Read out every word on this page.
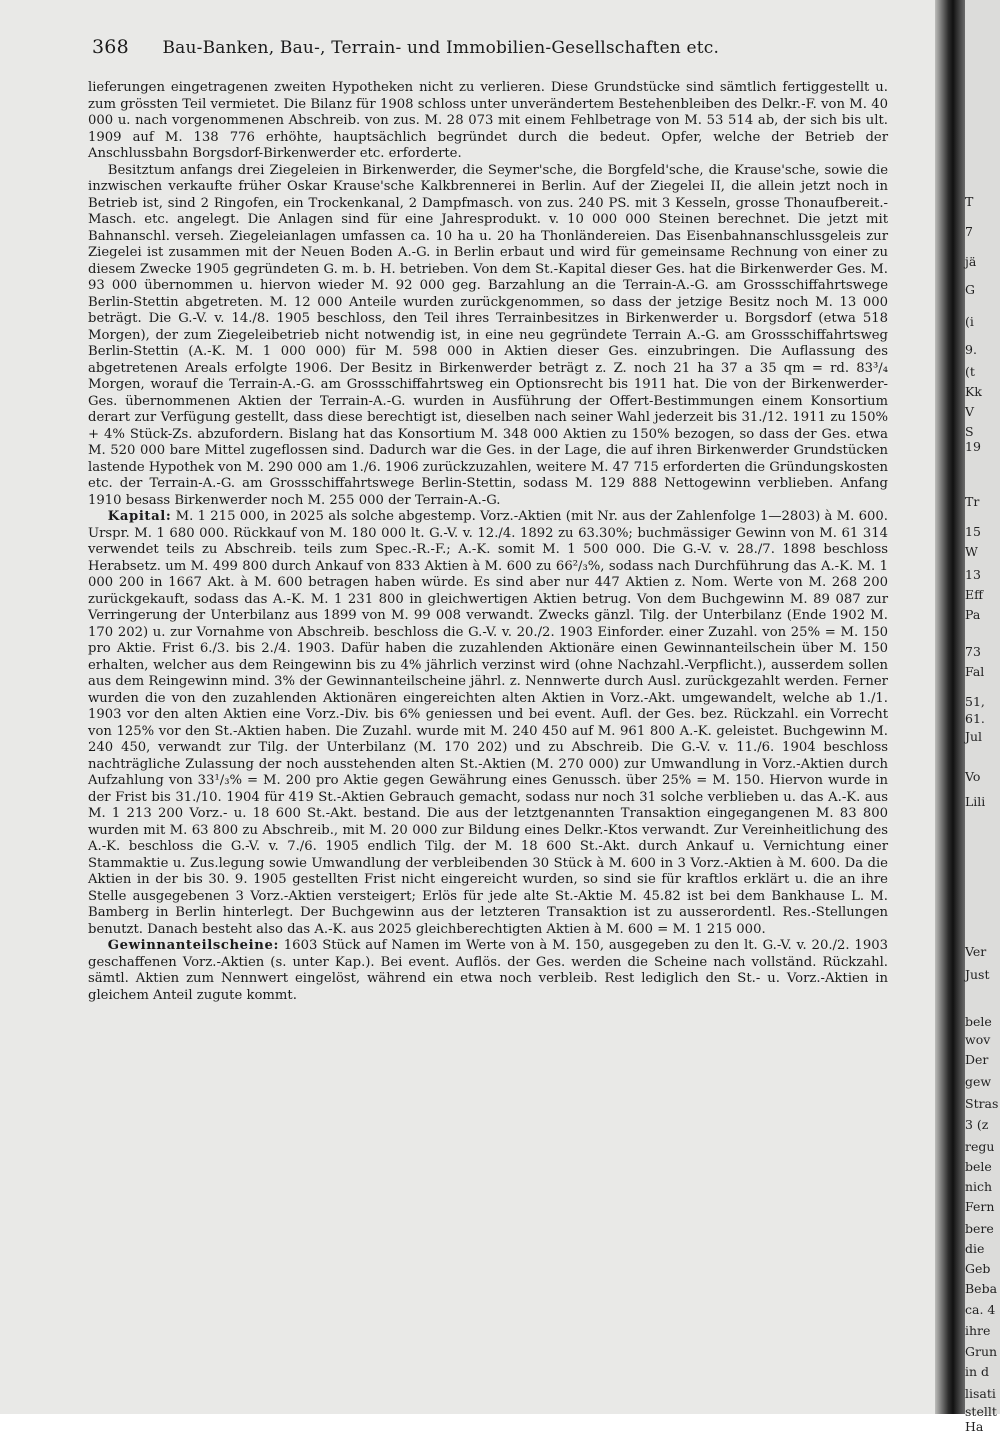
368 Bau-Banken, Bau-, Terrain- und Immobilien-Gesellschaften etc.

lieferungen eingetragenen zweiten Hypotheken nicht zu verlieren. Diese Grundstücke sind sämtlich fertiggestellt u. zum grössten Teil vermietet. Die Bilanz für 1908 schloss unter unverändertem Bestehenbleiben des Delkr.-F. von M. 40 000 u. nach vorgenommenen Abschreib. von zus. M. 28 073 mit einem Fehlbetrage von M. 53 514 ab, der sich bis ult. 1909 auf M. 138 776 erhöhte, hauptsächlich begründet durch die bedeut. Opfer, welche der Betrieb der Anschlussbahn Borgsdorf-Birkenwerder etc. erforderte.

Besitztum anfangs drei Ziegeleien in Birkenwerder, die Seymer'sche, die Borgfeld'sche, die Krause'sche, sowie die inzwischen verkaufte früher Oskar Krause'sche Kalkbrennerei in Berlin. Auf der Ziegelei II, die allein jetzt noch in Betrieb ist, sind 2 Ringofen, ein Trockenkanal, 2 Dampfmasch. von zus. 240 PS. mit 3 Kesseln, grosse Thonaufbereit.-Masch. etc. angelegt. Die Anlagen sind für eine Jahresprodukt. v. 10 000 000 Steinen berechnet. Die jetzt mit Bahnanschl. verseh. Ziegeleianlagen umfassen ca. 10 ha u. 20 ha Thonländereien. Das Eisenbahnanschlussgeleis zur Ziegelei ist zusammen mit der Neuen Boden A.-G. in Berlin erbaut und wird für gemeinsame Rechnung von einer zu diesem Zwecke 1905 gegründeten G. m. b. H. betrieben. Von dem St.-Kapital dieser Ges. hat die Birkenwerder Ges. M. 93 000 übernommen u. hiervon wieder M. 92 000 geg. Barzahlung an die Terrain-A.-G. am Grossschiffahrtswege Berlin-Stettin abgetreten. M. 12 000 Anteile wurden zurückgenommen, so dass der jetzige Besitz noch M. 13 000 beträgt. Die G.-V. v. 14./8. 1905 beschloss, den Teil ihres Terrainbesitzes in Birkenwerder u. Borgsdorf (etwa 518 Morgen), der zum Ziegeleibetrieb nicht notwendig ist, in eine neu gegründete Terrain A.-G. am Grossschiffahrtsweg Berlin-Stettin (A.-K. M. 1 000 000) für M. 598 000 in Aktien dieser Ges. einzubringen. Die Auflassung des abgetretenen Areals erfolgte 1906. Der Besitz in Birkenwerder beträgt z. Z. noch 21 ha 37 a 35 qm = rd. 83³/₄ Morgen, worauf die Terrain-A.-G. am Grossschiffahrtsweg ein Optionsrecht bis 1911 hat. Die von der Birkenwerder-Ges. übernommenen Aktien der Terrain-A.-G. wurden in Ausführung der Offert-Bestimmungen einem Konsortium derart zur Verfügung gestellt, dass diese berechtigt ist, dieselben nach seiner Wahl jederzeit bis 31./12. 1911 zu 150% + 4% Stück-Zs. abzufordern. Bislang hat das Konsortium M. 348 000 Aktien zu 150% bezogen, so dass der Ges. etwa M. 520 000 bare Mittel zugeflossen sind. Dadurch war die Ges. in der Lage, die auf ihren Birkenwerder Grundstücken lastende Hypothek von M. 290 000 am 1./6. 1906 zurückzuzahlen, weitere M. 47 715 erforderten die Gründungskosten etc. der Terrain-A.-G. am Grossschiffahrtswege Berlin-Stettin, sodass M. 129 888 Nettogewinn verblieben. Anfang 1910 besass Birkenwerder noch M. 255 000 der Terrain-A.-G.

Kapital: M. 1 215 000, in 2025 als solche abgestemp. Vorz.-Aktien (mit Nr. aus der Zahlenfolge 1—2803) à M. 600. Urspr. M. 1 680 000. Rückkauf von M. 180 000 lt. G.-V. v. 12./4. 1892 zu 63.30%; buchmässiger Gewinn von M. 61 314 verwendet teils zu Abschreib. teils zum Spec.-R.-F.; A.-K. somit M. 1 500 000. Die G.-V. v. 28./7. 1898 beschloss Herabsetz. um M. 499 800 durch Ankauf von 833 Aktien à M. 600 zu 66²/₃%, sodass nach Durchführung das A.-K. M. 1 000 200 in 1667 Akt. à M. 600 betragen haben würde. Es sind aber nur 447 Aktien z. Nom. Werte von M. 268 200 zurückgekauft, sodass das A.-K. M. 1 231 800 in gleichwertigen Aktien betrug. Von dem Buchgewinn M. 89 087 zur Verringerung der Unterbilanz aus 1899 von M. 99 008 verwandt. Zwecks gänzl. Tilg. der Unterbilanz (Ende 1902 M. 170 202) u. zur Vornahme von Abschreib. beschloss die G.-V. v. 20./2. 1903 Einforder. einer Zuzahl. von 25% = M. 150 pro Aktie. Frist 6./3. bis 2./4. 1903. Dafür haben die zuzahlenden Aktionäre einen Gewinnanteilschein über M. 150 erhalten, welcher aus dem Reingewinn bis zu 4% jährlich verzinst wird (ohne Nachzahl.-Verpflicht.), ausserdem sollen aus dem Reingewinn mind. 3% der Gewinnanteilscheine jährl. z. Nennwerte durch Ausl. zurückgezahlt werden. Ferner wurden die von den zuzahlenden Aktionären eingereichten alten Aktien in Vorz.-Akt. umgewandelt, welche ab 1./1. 1903 vor den alten Aktien eine Vorz.-Div. bis 6% geniessen und bei event. Aufl. der Ges. bez. Rückzahl. ein Vorrecht von 125% vor den St.-Aktien haben. Die Zuzahl. wurde mit M. 240 450 auf M. 961 800 A.-K. geleistet. Buchgewinn M. 240 450, verwandt zur Tilg. der Unterbilanz (M. 170 202) und zu Abschreib. Die G.-V. v. 11./6. 1904 beschloss nachträgliche Zulassung der noch ausstehenden alten St.-Aktien (M. 270 000) zur Umwandlung in Vorz.-Aktien durch Aufzahlung von 33¹/₃% = M. 200 pro Aktie gegen Gewährung eines Genussch. über 25% = M. 150. Hiervon wurde in der Frist bis 31./10. 1904 für 419 St.-Aktien Gebrauch gemacht, sodass nur noch 31 solche verblieben u. das A.-K. aus M. 1 213 200 Vorz.- u. 18 600 St.-Akt. bestand. Die aus der letztgenannten Transaktion eingegangenen M. 83 800 wurden mit M. 63 800 zu Abschreib., mit M. 20 000 zur Bildung eines Delkr.-Ktos verwandt. Zur Vereinheitlichung des A.-K. beschloss die G.-V. v. 7./6. 1905 endlich Tilg. der M. 18 600 St.-Akt. durch Ankauf u. Vernichtung einer Stammaktie u. Zus.legung sowie Umwandlung der verbleibenden 30 Stück à M. 600 in 3 Vorz.-Aktien à M. 600. Da die Aktien in der bis 30. 9. 1905 gestellten Frist nicht eingereicht wurden, so sind sie für kraftlos erklärt u. die an ihre Stelle ausgegebenen 3 Vorz.-Aktien versteigert; Erlös für jede alte St.-Aktie M. 45.82 ist bei dem Bankhause L. M. Bamberg in Berlin hinterlegt. Der Buchgewinn aus der letzteren Transaktion ist zu ausserordentl. Res.-Stellungen benutzt. Danach besteht also das A.-K. aus 2025 gleichberechtigten Aktien à M. 600 = M. 1 215 000.

Gewinnanteilscheine: 1603 Stück auf Namen im Werte von à M. 150, ausgegeben zu den lt. G.-V. v. 20./2. 1903 geschaffenen Vorz.-Aktien (s. unter Kap.). Bei event. Auflös. der Ges. werden die Scheine nach vollständ. Rückzahl. sämtl. Aktien zum Nennwert eingelöst, während ein etwa noch verbleib. Rest lediglich den St.- u. Vorz.-Aktien in gleichem Anteil zugute kommt.

T
7
jä
G
(i
9.
(t
Kk
V
S
19
Tr
15
W
13
Eff
Pa
73
Fal
51,
61.
Jul
Vo
Lili
Ver
Just
bele
wov
Der
gew
Stras
3 (z
regu
bele
nich
Fern
bere
die
Geb
Beba
ca. 4
ihre
Grun
in d
lisati
stellt
Ha
